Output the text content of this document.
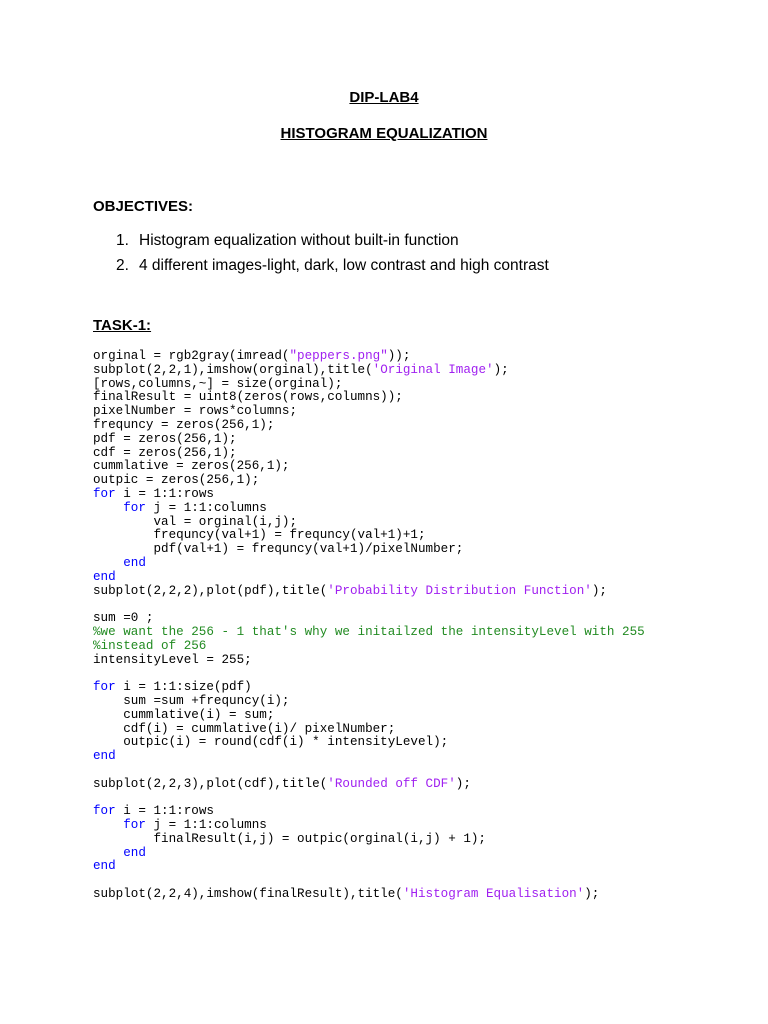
DIP-LAB4
HISTOGRAM EQUALIZATION
OBJECTIVES:
1. Histogram equalization without built-in function
2. 4 different images-light, dark, low contrast and high contrast
TASK-1:
orginal = rgb2gray(imread("peppers.png"));
subplot(2,2,1),imshow(orginal),title('Original Image');
[rows,columns,~] = size(orginal);
finalResult = uint8(zeros(rows,columns));
pixelNumber = rows*columns;
frequncy = zeros(256,1);
pdf = zeros(256,1);
cdf = zeros(256,1);
cummlative = zeros(256,1);
outpic = zeros(256,1);
for i = 1:1:rows
for j = 1:1:columns
val = orginal(i,j);
frequncy(val+1) = frequncy(val+1)+1;
pdf(val+1) = frequncy(val+1)/pixelNumber;
end
end
subplot(2,2,2),plot(pdf),title('Probability Distribution Function');

sum =0 ;
%we want the 256 - 1 that's why we initailzed the intensityLevel with 255
%instead of 256
intensityLevel = 255;

for i = 1:1:size(pdf)
sum =sum +frequncy(i);
cummlative(i) = sum;
cdf(i) = cummlative(i)/ pixelNumber;
outpic(i) = round(cdf(i) * intensityLevel);
end

subplot(2,2,3),plot(cdf),title('Rounded off CDF');

for i = 1:1:rows
for j = 1:1:columns
finalResult(i,j) = outpic(orginal(i,j) + 1);
end
end

subplot(2,2,4),imshow(finalResult),title('Histogram Equalisation');
